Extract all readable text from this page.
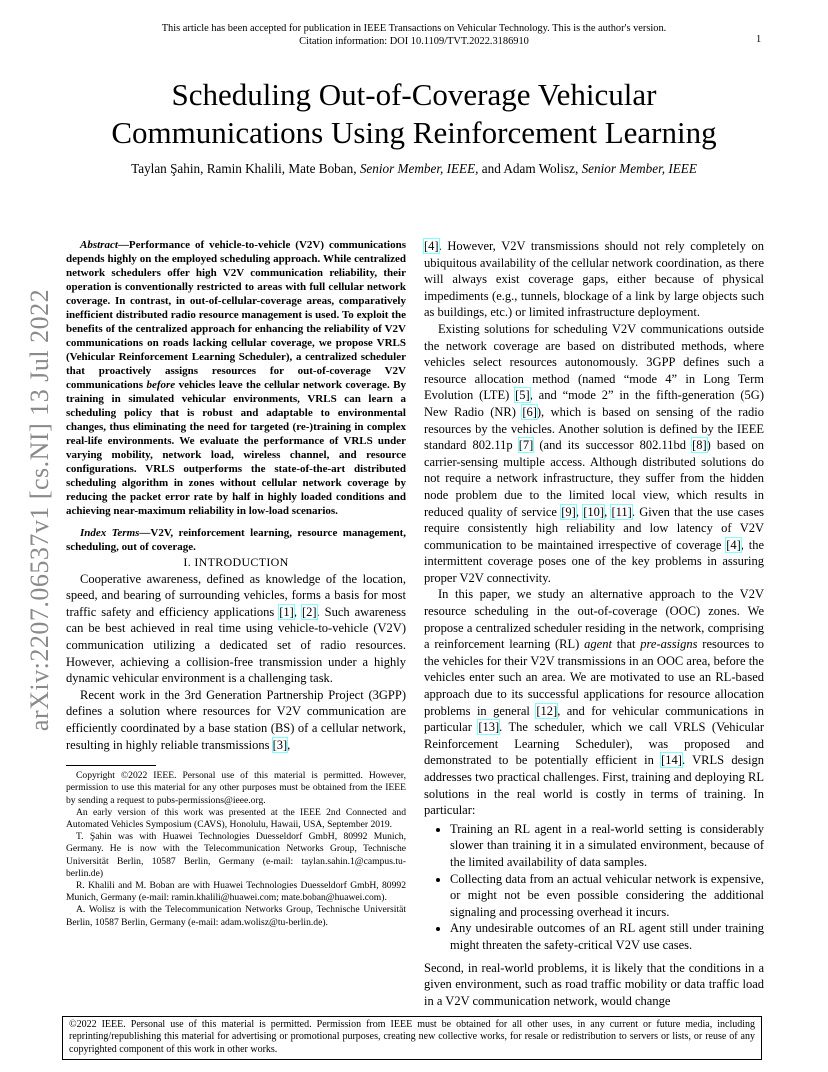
This article has been accepted for publication in IEEE Transactions on Vehicular Technology. This is the author's version.
Citation information: DOI 10.1109/TVT.2022.3186910	1
Scheduling Out-of-Coverage Vehicular
Communications Using Reinforcement Learning
Taylan Şahin, Ramin Khalili, Mate Boban, Senior Member, IEEE, and Adam Wolisz, Senior Member, IEEE
arXiv:2207.06537v1 [cs.NI] 13 Jul 2022

Abstract—Performance of vehicle-to-vehicle (V2V) communications depends highly on the employed scheduling approach. While centralized network schedulers offer high V2V communication reliability, their operation is conventionally restricted to areas with full cellular network coverage. In contrast, in out-of-cellular-coverage areas, comparatively inefficient distributed radio resource management is used. To exploit the benefits of the centralized approach for enhancing the reliability of V2V communications on roads lacking cellular coverage, we propose VRLS (Vehicular Reinforcement Learning Scheduler), a centralized scheduler that proactively assigns resources for out-of-coverage V2V communications before vehicles leave the cellular network coverage. By training in simulated vehicular environments, VRLS can learn a scheduling policy that is robust and adaptable to environmental changes, thus eliminating the need for targeted (re-)training in complex real-life environments. We evaluate the performance of VRLS under varying mobility, network load, wireless channel, and resource configurations. VRLS outperforms the state-of-the-art distributed scheduling algorithm in zones without cellular network coverage by reducing the packet error rate by half in highly loaded conditions and achieving near-maximum reliability in low-load scenarios.

Index Terms—V2V, reinforcement learning, resource management, scheduling, out of coverage.

I. INTRODUCTION

Cooperative awareness, defined as knowledge of the location, speed, and bearing of surrounding vehicles, forms a basis for most traffic safety and efficiency applications [1], [2]. Such awareness can be best achieved in real time using vehicle-to-vehicle (V2V) communication utilizing a dedicated set of radio resources. However, achieving a collision-free transmission under a highly dynamic vehicular environment is a challenging task.

Recent work in the 3rd Generation Partnership Project (3GPP) defines a solution where resources for V2V communication are efficiently coordinated by a base station (BS) of a cellular network, resulting in highly reliable transmissions [3],

Copyright ©2022 IEEE. Personal use of this material is permitted. However, permission to use this material for any other purposes must be obtained from the IEEE by sending a request to pubs-permissions@ieee.org.

An early version of this work was presented at the IEEE 2nd Connected and Automated Vehicles Symposium (CAVS), Honolulu, Hawaii, USA, September 2019.

T. Şahin was with Huawei Technologies Duesseldorf GmbH, 80992 Munich, Germany. He is now with the Telecommunication Networks Group, Technische Universität Berlin, 10587 Berlin, Germany (e-mail: taylan.sahin.1@campus.tu-berlin.de)

R. Khalili and M. Boban are with Huawei Technologies Duesseldorf GmbH, 80992 Munich, Germany (e-mail: ramin.khalili@huawei.com; mate.boban@huawei.com).

A. Wolisz is with the Telecommunication Networks Group, Technische Universität Berlin, 10587 Berlin, Germany (e-mail: adam.wolisz@tu-berlin.de).

[4]. However, V2V transmissions should not rely completely on ubiquitous availability of the cellular network coordination, as there will always exist coverage gaps, either because of physical impediments (e.g., tunnels, blockage of a link by large objects such as buildings, etc.) or limited infrastructure deployment.

Existing solutions for scheduling V2V communications outside the network coverage are based on distributed methods, where vehicles select resources autonomously. 3GPP defines such a resource allocation method (named “mode 4” in Long Term Evolution (LTE) [5], and “mode 2” in the fifth-generation (5G) New Radio (NR) [6]), which is based on sensing of the radio resources by the vehicles. Another solution is defined by the IEEE standard 802.11p [7] (and its successor 802.11bd [8]) based on carrier-sensing multiple access. Although distributed solutions do not require a network infrastructure, they suffer from the hidden node problem due to the limited local view, which results in reduced quality of service [9], [10], [11]. Given that the use cases require consistently high reliability and low latency of V2V communication to be maintained irrespective of coverage [4], the intermittent coverage poses one of the key problems in assuring proper V2V connectivity.

In this paper, we study an alternative approach to the V2V resource scheduling in the out-of-coverage (OOC) zones. We propose a centralized scheduler residing in the network, comprising a reinforcement learning (RL) agent that pre-assigns resources to the vehicles for their V2V transmissions in an OOC area, before the vehicles enter such an area. We are motivated to use an RL-based approach due to its successful applications for resource allocation problems in general [12], and for vehicular communications in particular [13]. The scheduler, which we call VRLS (Vehicular Reinforcement Learning Scheduler), was proposed and demonstrated to be potentially efficient in [14]. VRLS design addresses two practical challenges. First, training and deploying RL solutions in the real world is costly in terms of training. In particular:

• Training an RL agent in a real-world setting is considerably slower than training it in a simulated environment, because of the limited availability of data samples.
• Collecting data from an actual vehicular network is expensive, or might not be even possible considering the additional signaling and processing overhead it incurs.
• Any undesirable outcomes of an RL agent still under training might threaten the safety-critical V2V use cases.

Second, in real-world problems, it is likely that the conditions in a given environment, such as road traffic mobility or data traffic load in a V2V communication network, would change

©2022 IEEE. Personal use of this material is permitted. Permission from IEEE must be obtained for all other uses, in any current or future media, including reprinting/republishing this material for advertising or promotional purposes, creating new collective works, for resale or redistribution to servers or lists, or reuse of any copyrighted component of this work in other works.
